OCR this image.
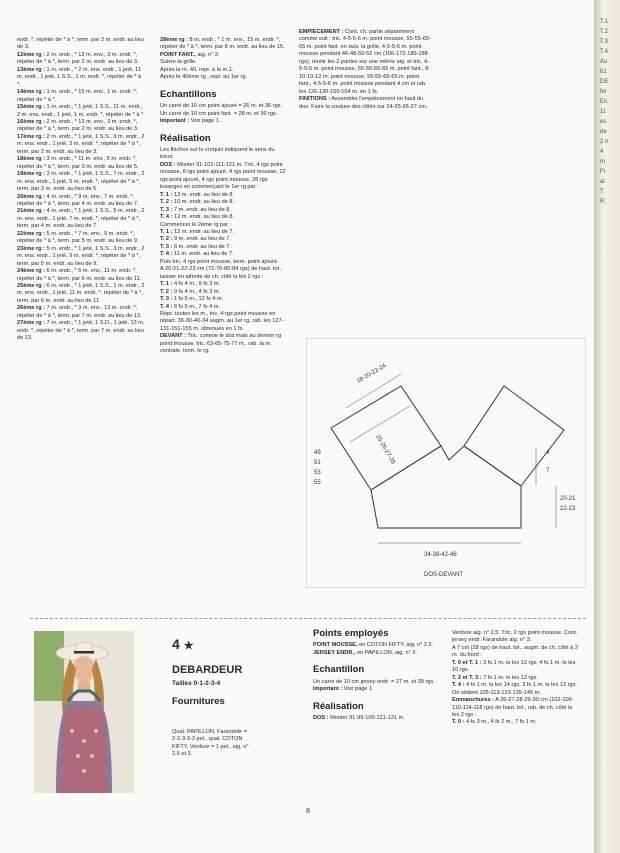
endr. *, répéter de * à *, term. par 2 m. endr. au lieu de 3.

12ème rg : 2 m. endr., * 13 m. env., 3 m. endr. *, répéter de * à *, term. par 2 m. endr. au lieu de 3.

13ème rg : 1 m. endr., * 2 m. ens. endr., 1 jeté, 11 m. endr., 1 jeté, 1 S.S., 1 m. endr. *, répéter de * à *.

14ème rg : 1 m. endr., * 15 m. env., 1 m. endr. *, répéter de * à *.

15ème rg : 1 m. endr., * 1 jeté, 1 S.S., 11 m. endr., 2 m. ens. endr., 1 jeté, 1 m. endr. *, répéter de * à *.

16ème rg : 2 m. endr., * 13 m. env., 3 m. endr. *, répéter de * à *, term. par 2 m. endr. au lieu de 3.

17ème rg : 2 m. endr., * 1 jeté, 1 S.S., 9 m. endr., 2 m. ens. endr., 1 jeté, 3 m. endr. *, répéter de * à *, term. par 2 m. endr. au lieu de 3.

18ème rg : 3 m. endr., * 11 m. env., 5 m. endr. *, répéter de * à *, term. par 3 m. endr. au lieu de 5.

19ème rg : 3 m. endr., * 1 jeté, 1 S.S., 7 m. endr., 2 m. ens. endr., 1 jeté, 5 m. endr. *, répéter de * à *, term. par 3 m. endr. au lieu de 5.

20ème rg : 4 m. endr., * 9 m. env., 7 m. endr. *, répéter de * à *, term. par 4 m. endr. au lieu de 7.

21ème rg : 4 m. endr., * 1 jeté, 1 S.S., 5 m. endr., 2 m. ens. endr., 1 jeté, 7 m. endr. *, répéter de * à *, term. par 4 m. endr. au lieu de 7.

22ème rg : 5 m. endr., * 7 m. env., 9 m. endr. *, répéter de * à *, term. par 5 m. endr. au lieu de 9.

23ème rg : 5 m. endr., * 1 jeté, 1 S.S., 3 m. endr., 2 m. ens. endr., 1 jeté, 9 m. endr. *, répéter de * à *, term. par 5 m. endr. au lieu de 9.

24ème rg : 6 m. endr., * 5 m. env., 11 m. endr. *, répéter de * à *, term. par 6 m. endr. au lieu de 11.

25ème rg : 6 m. endr., * 1 jeté, 1 S.S., 1 m. endr., 2 m. ens. endr., 1 jeté, 11 m. endr. *, répéter de * à *, term. par 6 m. endr. au lieu de 11.

26ème rg : 7 m. endr., * 3 m. env., 13 m. endr. *, répéter de * à *, term. par 7 m. endr. au lieu de 13.

27ème rg : 7 m. endr., * 1 jeté, 1 S.D., 1 jeté, 13 m. endr. *, répéter de * à *, term. par 7 m. endr. au lieu de 13.

28ème rg : 8 m. endr., * 1 m. env., 15 m. endr. *, répéter de * à *, term. par 8 m. endr. au lieu de 15.

POINT FANT., aig. n° 3.

Suivre la grille.

Après la m. 40, repr. à la m.1.

Après le 40ème rg , repr. au 1er rg.

Echantillons

Un carré de 10 cm point ajouré = 26 m. et 36 rgs.

Un carré de 10 cm point fant. = 28 m. et 36 rgs.

Important : Voir page 1.

Réalisation

Les flèches sur le croquis indiquent le sens du tricot.

DOS : Monter 91-101-111-121 m. Tric. 4 rgs point mousse, 8 rgs point ajouré, 4 rgs point mousse, 12 rgs point ajouré, 4 rgs point mousse, 28 rgs losanges en commençant le 1er rg par :

T. 1 : 13 m. endr. au lieu de 8.

T. 2 : 10 m. endr. au lieu de 8.

T. 3 : 7 m. endr. au lieu de 8.

T. 4 : 12 m. endr. au lieu de 8.

Commencer le 2ème rg par :

T. 1 : 12 m. endr. au lieu de 7.

T. 2 : 9 m. endr. au lieu de 7.

T. 3 : 6 m. endr. au lieu de 7.

T. 4 : 11 m. endr. au lieu de 7.

Puis tric. 4 rgs point mousse, term. point ajouré.

A 20-21-22-23 cm (72-76-80-84 rgs) de haut. tot., laisser en attente de ch. côté ts les 2 rgs :

T. 1 : 4 fs 4 m., 9 fs 3 m.

T. 2 : 9 fs 4 m., 4 fs 3 m.

T. 3 : 1 fs 5 m., 12 fs 4 m.

T. 4 : 6 fs 5 m., 7 fs 4 m.

Repr. toutes les m., tric. 4 rgs point mousse en répart. 36-30-40-34 augm. au 1er rg, rab. les 127-131-151-155 m. obtenues en 1 fs.

DEVANT : Tric. comme le dos mais au dernier rg point mousse, tric. 63-65-75-77 m., rab. la m. centrale, term. le rg.

EMPIECEMENT : Cont. ch. partie séparément comme suit : tric. 4-5-5-6 m. point mousse, 55-55-65-65 m. point fant. en suiv. la grille, 4-5-5-6 m. point mousse pendant 46-48-50-52 cm (166-172-180-188 rgs), réunir les 2 parties sur une même aig. et tric. 4-5-5-6 m. point mousse, 55-55-65-65 m. point fant., 8-10-10-12 m. point mousse, 55-55-65-65 m. point fant., 4-5-5-6 m. point mousse pendant 4 cm et rab. les 126-130-150-154 m. en 1 fs.

FINITIONS : Assembler l'empiècement en haut du dos. Faire la couture des côtés sur 24-25-26-27 cm.

18-20-22-24
25-26-27-28
49
51
53
55
4
7
20-21
22-23
34-38-42-46
DOS-DEVANT
4 ★
DEBARDEUR
Tailles 0-1-2-3-4
Fournitures
Qual. PAPILLON, Farandole = 2-2-3-3-3 pel., qual. COTON FIFTY, Verdure = 1 pel., aig. n° 2,5 et 3.
Points employés

POINT MOUSSE, en COTON FIFTY, aig. n° 2,5.

JERSEY ENDR., en PAPILLON, aig. n° 3.

Echantillon

Un carré de 10 cm jersey endr. = 27 m. et 39 rgs.

Important : Voir page 1.

Réalisation

DOS : Monter 91-99-109-121-131 m.

Verdure aig. n° 2,5. Tric. 2 rgs point mousse. Cont. jersey endr. Farandole aig. n° 3.

A 7 cm (28 rgs) de haut. tot., augm. de ch. côté à 2 m. du bord :

T. 0 et T. 1 : 3 fs 1 m. ts les 12 rgs, 4 fs 1 m. ts les 10 rgs.

T. 2 et T. 3 : 7 fs 1 m. ts les 12 rgs.

T. 4 : 4 fs 1 m. ts les 14 rgs, 3 fs 1 m. ts les 12 rgs.

On obtient 105-113-123-135-145 m.

Emmanchures : A 26-27-28-29-30 cm (102-106-110-114-118 rgs) de haut. tot., rab. de ch. côté ts les 2 rgs :

T. 0 : 4 fs 3 m., 4 fs 2 m., 7 fs 1 m.

8
T.1
T.2
T.3
T.4
Au
61
DE
fer
En
11
es
de
2 n
4
m
Fl
ai
T.
R.
